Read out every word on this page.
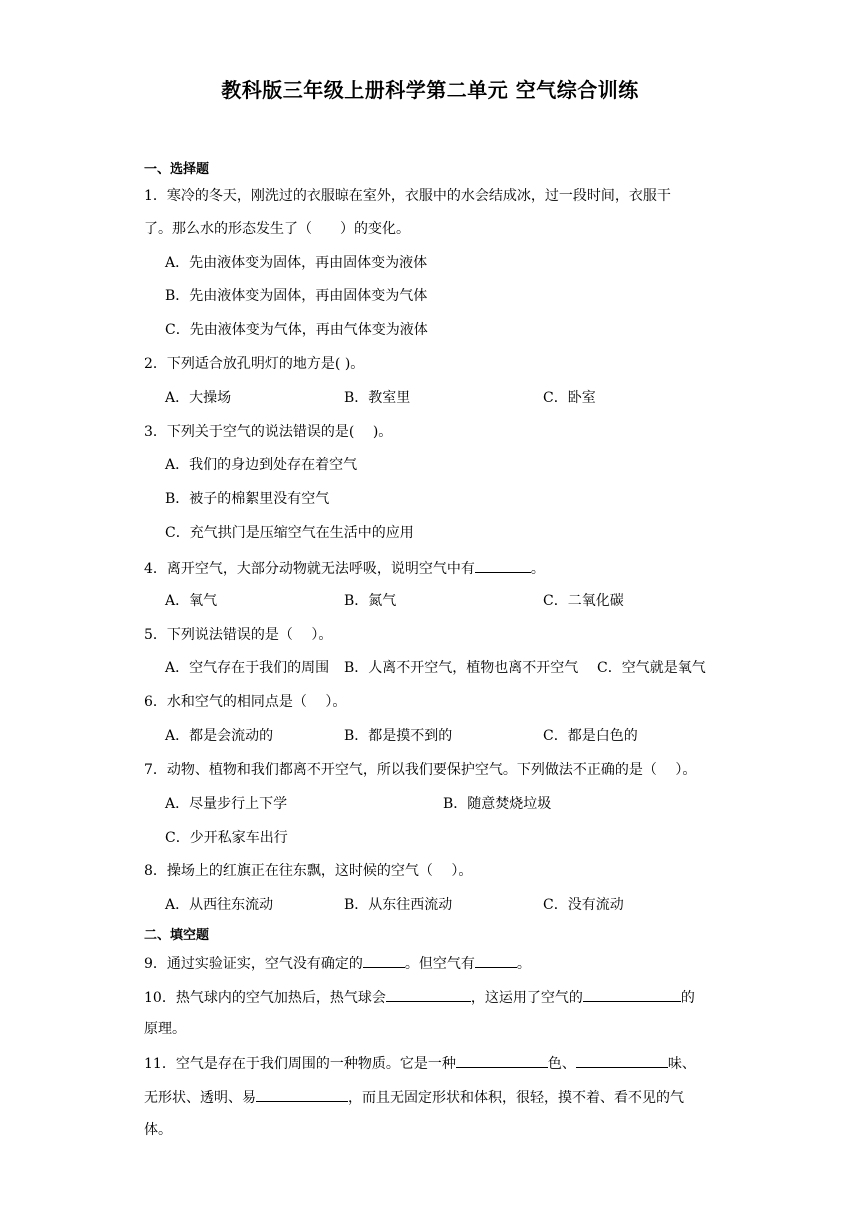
教科版三年级上册科学第二单元 空气综合训练
一、选择题
1．寒冷的冬天，刚洗过的衣服晾在室外，衣服中的水会结成冰，过一段时间，衣服干
了。那么水的形态发生了（　　）的变化。
A．先由液体变为固体，再由固体变为液体
B．先由液体变为固体，再由固体变为气体
C．先由液体变为气体，再由气体变为液体
2．下列适合放孔明灯的地方是( )。
A．大操场	B．教室里	C．卧室
3．下列关于空气的说法错误的是(　 )。
A．我们的身边到处存在着空气
B．被子的棉絮里没有空气
C．充气拱门是压缩空气在生活中的应用
4．离开空气，大部分动物就无法呼吸，说明空气中有	。
A．氧气	B．氮气	C．二氧化碳
5．下列说法错误的是（　 ）。
A．空气存在于我们的周围 B．人离不开空气，植物也离不开空气 C．空气就是氧气
6．水和空气的相同点是（　 ）。
A．都是会流动的	B．都是摸不到的	C．都是白色的
7．动物、植物和我们都离不开空气，所以我们要保护空气。下列做法不正确的是（　 ）。
A．尽量步行上下学	B．随意焚烧垃圾
C．少开私家车出行
8．操场上的红旗正在往东飘，这时候的空气（　 ）。
A．从西往东流动	B．从东往西流动	C．没有流动
二、填空题
9．通过实验证实，空气没有确定的	。但空气有	。
10．热气球内的空气加热后，热气球会	，这运用了空气的	的
原理。
11．空气是存在于我们周围的一种物质。它是一种	色、	味、
无形状、透明、易	，而且无固定形状和体积，很轻，摸不着、看不见的气
体。
